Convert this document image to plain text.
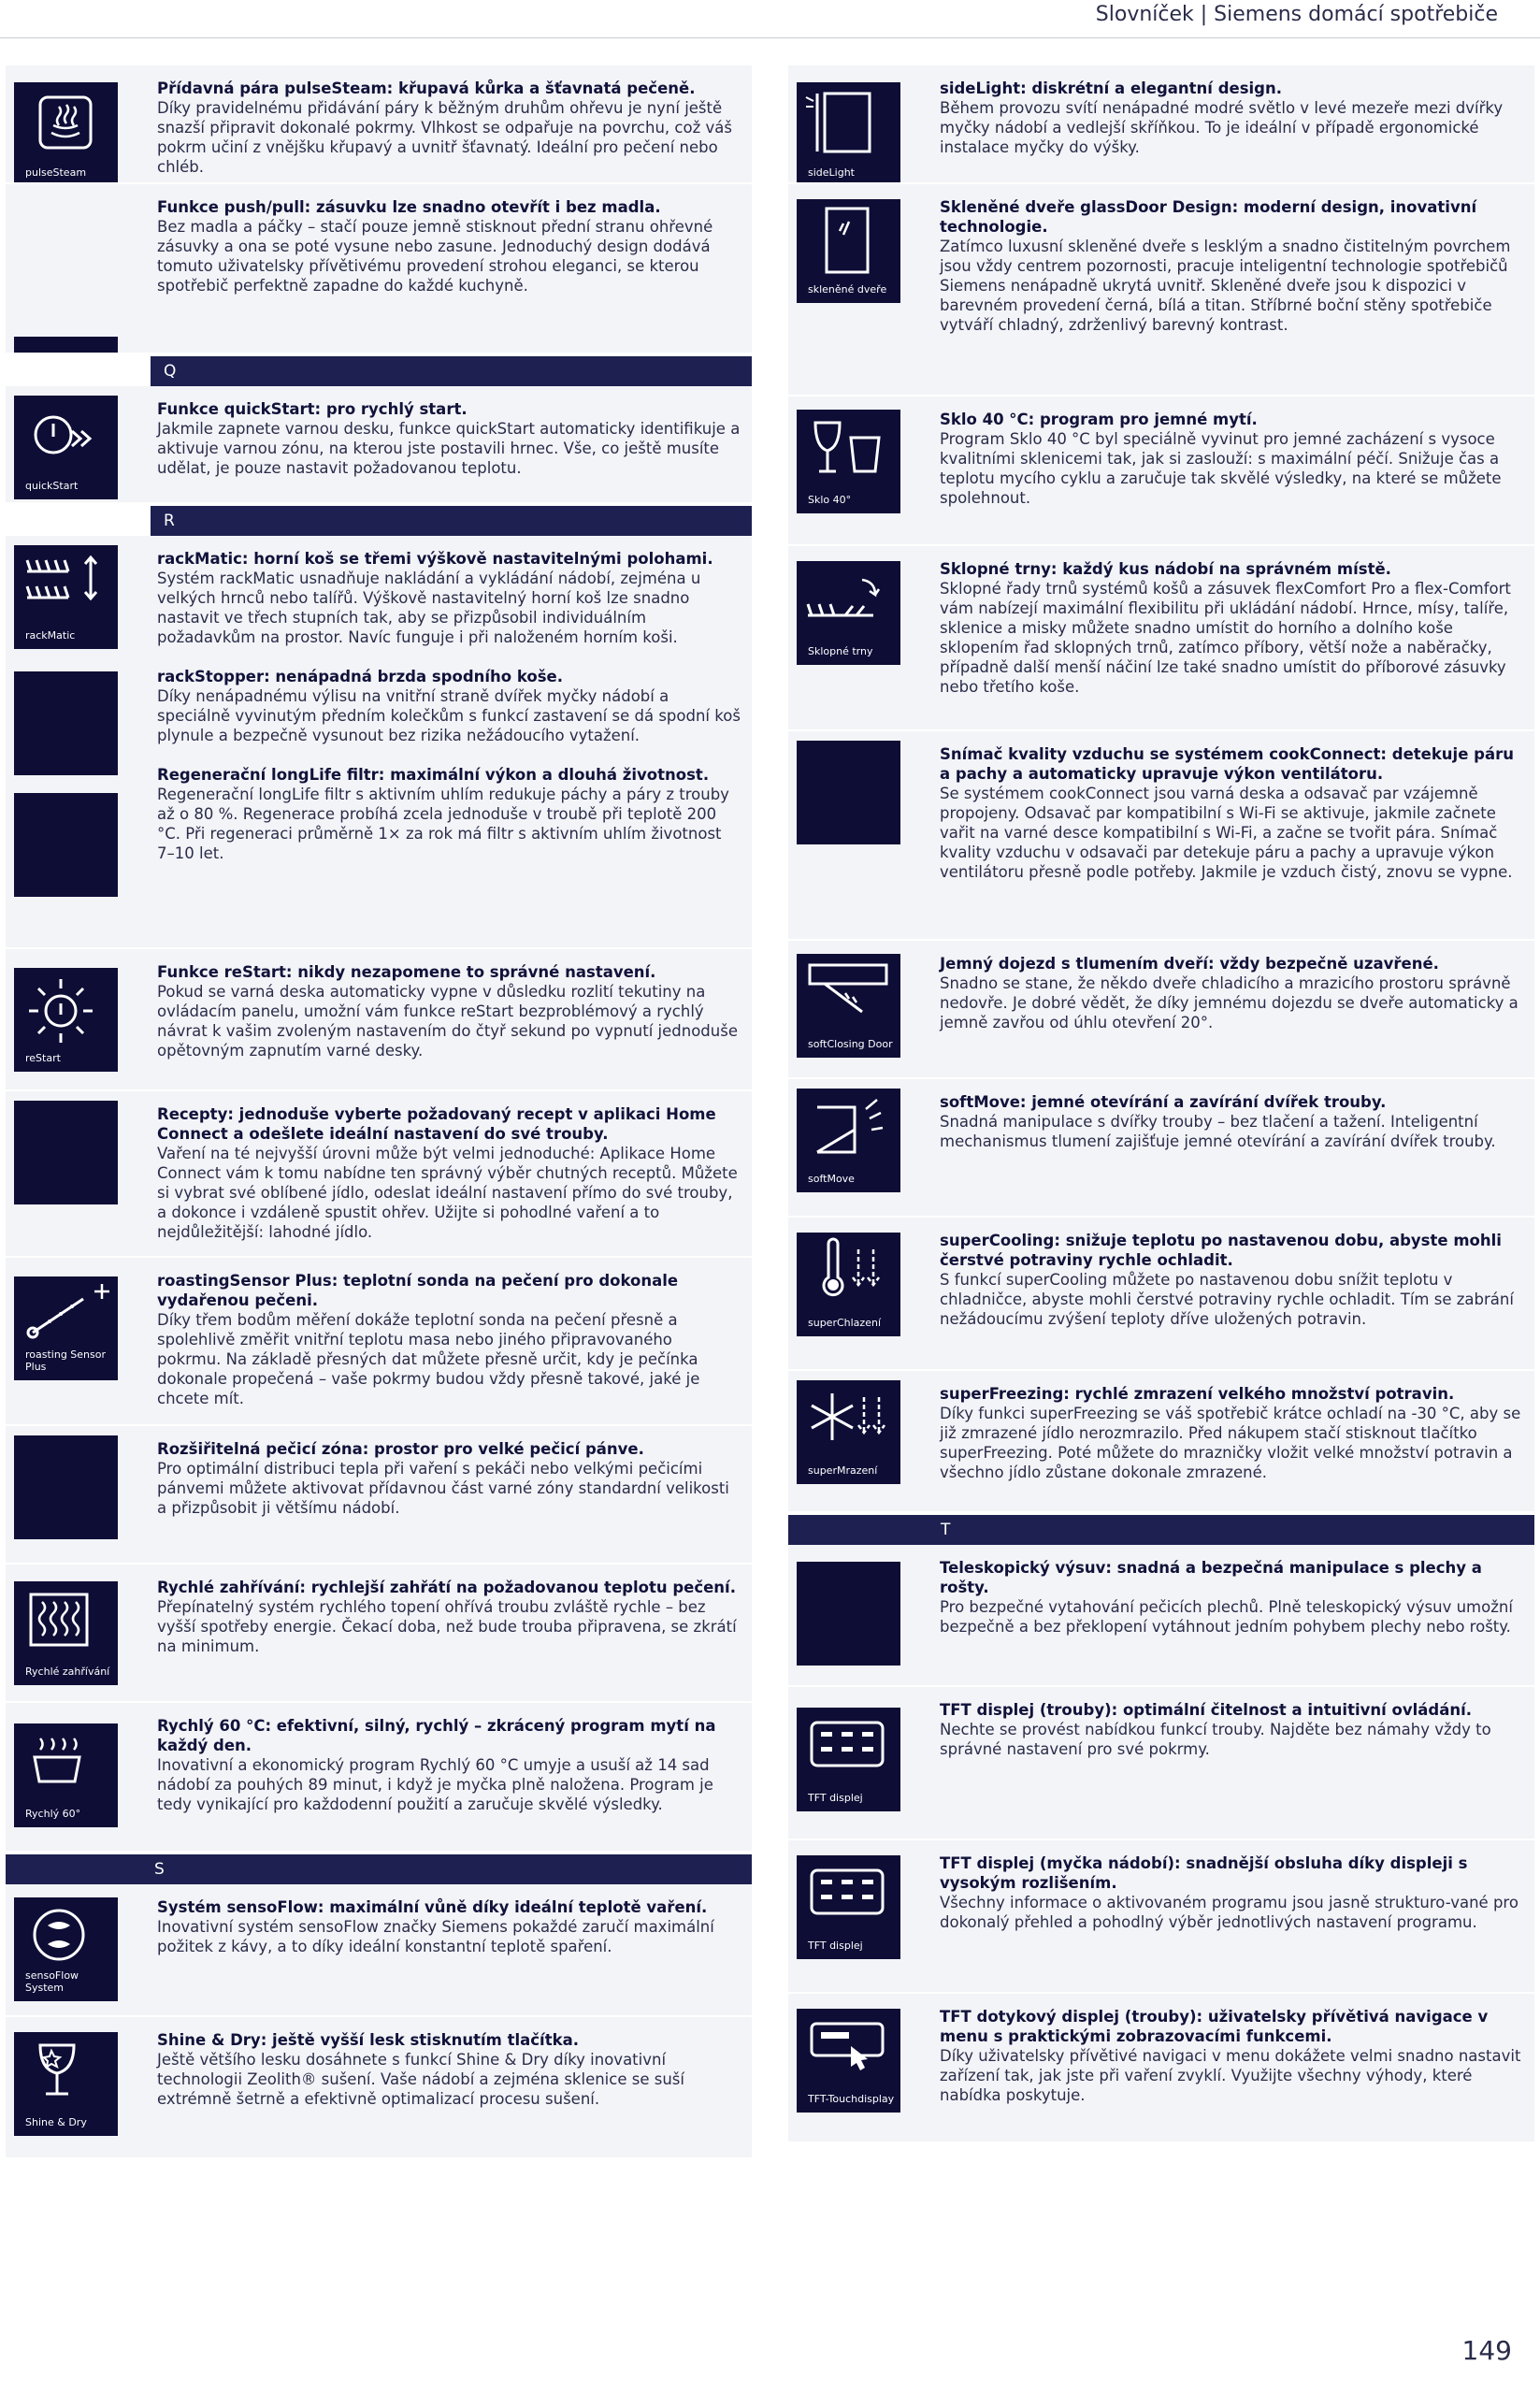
Slovníček | Siemens domácí spotřebiče
pulseSteam
Přídavná pára pulseSteam: křupavá kůrka a šťavnatá pečeně.
Díky pravidelnému přidávání páry k běžným druhům ohřevu je nyní ještě snazší připravit dokonalé pokrmy. Vlhkost se odpařuje na povrchu, což váš pokrm učiní z vnějšku křupavý a uvnitř šťavnatý. Ideální pro pečení nebo chléb.
Funkce push/pull: zásuvku lze snadno otevřít i bez madla.
Bez madla a páčky – stačí pouze jemně stisknout přední stranu ohřevné zásuvky a ona se poté vysune nebo zasune. Jednoduchý design dodává tomuto uživatelsky přívětivému provedení strohou eleganci, se kterou spotřebič perfektně zapadne do každé kuchyně.
Q
quickStart
Funkce quickStart: pro rychlý start.
Jakmile zapnete varnou desku, funkce quickStart automaticky identifikuje a aktivuje varnou zónu, na kterou jste postavili hrnec. Vše, co ještě musíte udělat, je pouze nastavit požadovanou teplotu.
R
rackMatic
rackMatic: horní koš se třemi výškově nastavitelnými polohami.
Systém rackMatic usnadňuje nakládání a vykládání nádobí, zejména u velkých hrnců nebo talířů. Výškově nastavitelný horní koš lze snadno nastavit ve třech stupních tak, aby se přizpůsobil individuálním požadavkům na prostor. Navíc funguje i při naloženém horním koši.
rackStopper: nenápadná brzda spodního koše.
Díky nenápadnému výlisu na vnitřní straně dvířek myčky nádobí a speciálně vyvinutým předním kolečkům s funkcí zastavení se dá spodní koš plynule a bezpečně vysunout bez rizika nežádoucího vytažení.
Regenerační longLife filtr: maximální výkon a dlouhá životnost.
Regenerační longLife filtr s aktivním uhlím redukuje páchy a páry z trouby až o 80 %. Regenerace probíhá zcela jednoduše v troubě při teplotě 200 °C. Při regeneraci průměrně 1× za rok má filtr s aktivním uhlím životnost 7–10 let.
reStart
Funkce reStart: nikdy nezapomene to správné nastavení.
Pokud se varná deska automaticky vypne v důsledku rozlití tekutiny na ovládacím panelu, umožní vám funkce reStart bezproblémový a rychlý návrat k vašim zvoleným nastavením do čtyř sekund po vypnutí jednoduše opětovným zapnutím varné desky.
Recepty: jednoduše vyberte požadovaný recept v aplikaci Home Connect a odešlete ideální nastavení do své trouby.
Vaření na té nejvyšší úrovni může být velmi jednoduché: Aplikace Home Connect vám k tomu nabídne ten správný výběr chutných receptů. Můžete si vybrat své oblíbené jídlo, odeslat ideální nastavení přímo do své trouby, a dokonce i vzdáleně spustit ohřev. Užijte si pohodlné vaření a to nejdůležitější: lahodné jídlo.
roasting Sensor Plus
roastingSensor Plus: teplotní sonda na pečení pro dokonale vydařenou pečeni.
Díky třem bodům měření dokáže teplotní sonda na pečení přesně a spolehlivě změřit vnitřní teplotu masa nebo jiného připravovaného pokrmu. Na základě přesných dat můžete přesně určit, kdy je pečínka dokonale propečená – vaše pokrmy budou vždy přesně takové, jaké je chcete mít.
Rozšiřitelná pečicí zóna: prostor pro velké pečicí pánve.
Pro optimální distribuci tepla při vaření s pekáči nebo velkými pečicími pánvemi můžete aktivovat přídavnou část varné zóny standardní velikosti a přizpůsobit ji většímu nádobí.
Rychlé zahřívání
Rychlé zahřívání: rychlejší zahřátí na požadovanou teplotu pečení.
Přepínatelný systém rychlého topení ohřívá troubu zvláště rychle – bez vyšší spotřeby energie. Čekací doba, než bude trouba připravena, se zkrátí na minimum.
Rychlý 60°
Rychlý 60 °C: efektivní, silný, rychlý – zkrácený program mytí na každý den.
Inovativní a ekonomický program Rychlý 60 °C umyje a usuší až 14 sad nádobí za pouhých 89 minut, i když je myčka plně naložena. Program je tedy vynikající pro každodenní použití a zaručuje skvělé výsledky.
S
sensoFlow System
Systém sensoFlow: maximální vůně díky ideální teplotě vaření.
Inovativní systém sensoFlow značky Siemens pokaždé zaručí maximální požitek z kávy, a to díky ideální konstantní teplotě spaření.
Shine & Dry
Shine & Dry: ještě vyšší lesk stisknutím tlačítka.
Ještě většího lesku dosáhnete s funkcí Shine & Dry díky inovativní technologii Zeolith® sušení. Vaše nádobí a zejména sklenice se suší extrémně šetrně a efektivně optimalizací procesu sušení.
sideLight
sideLight: diskrétní a elegantní design.
Během provozu svítí nenápadné modré světlo v levé mezeře mezi dvířky myčky nádobí a vedlejší skříňkou. To je ideální v případě ergonomické instalace myčky do výšky.
skleněné dveře
Skleněné dveře glassDoor Design: moderní design, inovativní technologie.
Zatímco luxusní skleněné dveře s lesklým a snadno čistitelným povrchem jsou vždy centrem pozornosti, pracuje inteligentní technologie spotřebičů Siemens nenápadně ukrytá uvnitř. Skleněné dveře jsou k dispozici v barevném provedení černá, bílá a titan. Stříbrné boční stěny spotřebiče vytváří chladný, zdrženlivý barevný kontrast.
Sklo 40°
Sklo 40 °C: program pro jemné mytí.
Program Sklo 40 °C byl speciálně vyvinut pro jemné zacházení s vysoce kvalitními sklenicemi tak, jak si zaslouží: s maximální péčí. Snižuje čas a teplotu mycího cyklu a zaručuje tak skvělé výsledky, na které se můžete spolehnout.
Sklopné trny
Sklopné trny: každý kus nádobí na správném místě.
Sklopné řady trnů systémů košů a zásuvek flexComfort Pro a flex-Comfort vám nabízejí maximální flexibilitu při ukládání nádobí. Hrnce, mísy, talíře, sklenice a misky můžete snadno umístit do horního a dolního koše sklopením řad sklopných trnů, zatímco příbory, větší nože a naběračky, případně další menší náčiní lze také snadno umístit do příborové zásuvky nebo třetího koše.
Snímač kvality vzduchu se systémem cookConnect: detekuje páru a pachy a automaticky upravuje výkon ventilátoru.
Se systémem cookConnect jsou varná deska a odsavač par vzájemně propojeny. Odsavač par kompatibilní s Wi-Fi se aktivuje, jakmile začnete vařit na varné desce kompatibilní s Wi-Fi, a začne se tvořit pára. Snímač kvality vzduchu v odsavači par detekuje páru a pachy a upravuje výkon ventilátoru přesně podle potřeby. Jakmile je vzduch čistý, znovu se vypne.
softClosing Door
Jemný dojezd s tlumením dveří: vždy bezpečně uzavřené.
Snadno se stane, že někdo dveře chladicího a mrazicího prostoru správně nedovře. Je dobré vědět, že díky jemnému dojezdu se dveře automaticky a jemně zavřou od úhlu otevření 20°.
softMove
softMove: jemné otevírání a zavírání dvířek trouby.
Snadná manipulace s dvířky trouby – bez tlačení a tažení. Inteligentní mechanismus tlumení zajišťuje jemné otevírání a zavírání dvířek trouby.
superChlazení
superCooling: snižuje teplotu po nastavenou dobu, abyste mohli čerstvé potraviny rychle ochladit.
S funkcí superCooling můžete po nastavenou dobu snížit teplotu v chladničce, abyste mohli čerstvé potraviny rychle ochladit. Tím se zabrání nežádoucímu zvýšení teploty dříve uložených potravin.
superMrazení
superFreezing: rychlé zmrazení velkého množství potravin.
Díky funkci superFreezing se váš spotřebič krátce ochladí na -30 °C, aby se již zmrazené jídlo nerozmrazilo. Před nákupem stačí stisknout tlačítko superFreezing. Poté můžete do mrazničky vložit velké množství potravin a všechno jídlo zůstane dokonale zmrazené.
T
Teleskopický výsuv: snadná a bezpečná manipulace s plechy a rošty.
Pro bezpečné vytahování pečicích plechů. Plně teleskopický výsuv umožní bezpečně a bez překlopení vytáhnout jedním pohybem plechy nebo rošty.
TFT displej
TFT displej (trouby): optimální čitelnost a intuitivní ovládání.
Nechte se provést nabídkou funkcí trouby. Najděte bez námahy vždy to správné nastavení pro své pokrmy.
TFT displej
TFT displej (myčka nádobí): snadnější obsluha díky displeji s vysokým rozlišením.
Všechny informace o aktivovaném programu jsou jasně strukturo-vané pro dokonalý přehled a pohodlný výběr jednotlivých nastavení programu.
TFT-Touchdisplay
TFT dotykový displej (trouby): uživatelsky přívětivá navigace v menu s praktickými zobrazovacími funkcemi.
Díky uživatelsky přívětivé navigaci v menu dokážete velmi snadno nastavit zařízení tak, jak jste při vaření zvyklí. Využijte všechny výhody, které nabídka poskytuje.
149
